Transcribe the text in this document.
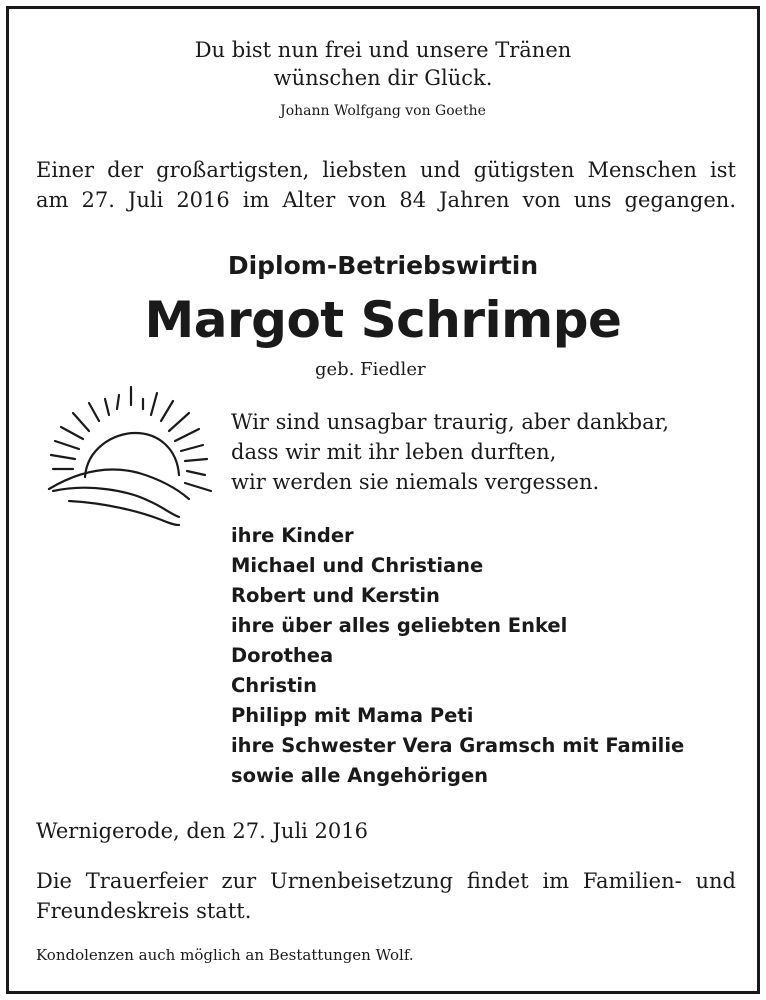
Du bist nun frei und unsere Tränen
wünschen dir Glück.
Johann Wolfgang von Goethe
Einer der großartigsten, liebsten und gütigsten Menschen ist
am 27. Juli 2016 im Alter von 84 Jahren von uns gegangen.
Diplom-Betriebswirtin
Margot Schrimpe
geb. Fiedler
Wir sind unsagbar traurig, aber dankbar,
dass wir mit ihr leben durften,
wir werden sie niemals vergessen.
ihre Kinder
Michael und Christiane
Robert und Kerstin
ihre über alles geliebten Enkel
Dorothea
Christin
Philipp mit Mama Peti
ihre Schwester Vera Gramsch mit Familie
sowie alle Angehörigen
Wernigerode, den 27. Juli 2016
Die Trauerfeier zur Urnenbeisetzung findet im Familien- und
Freundeskreis statt.
Kondolenzen auch möglich an Bestattungen Wolf.
